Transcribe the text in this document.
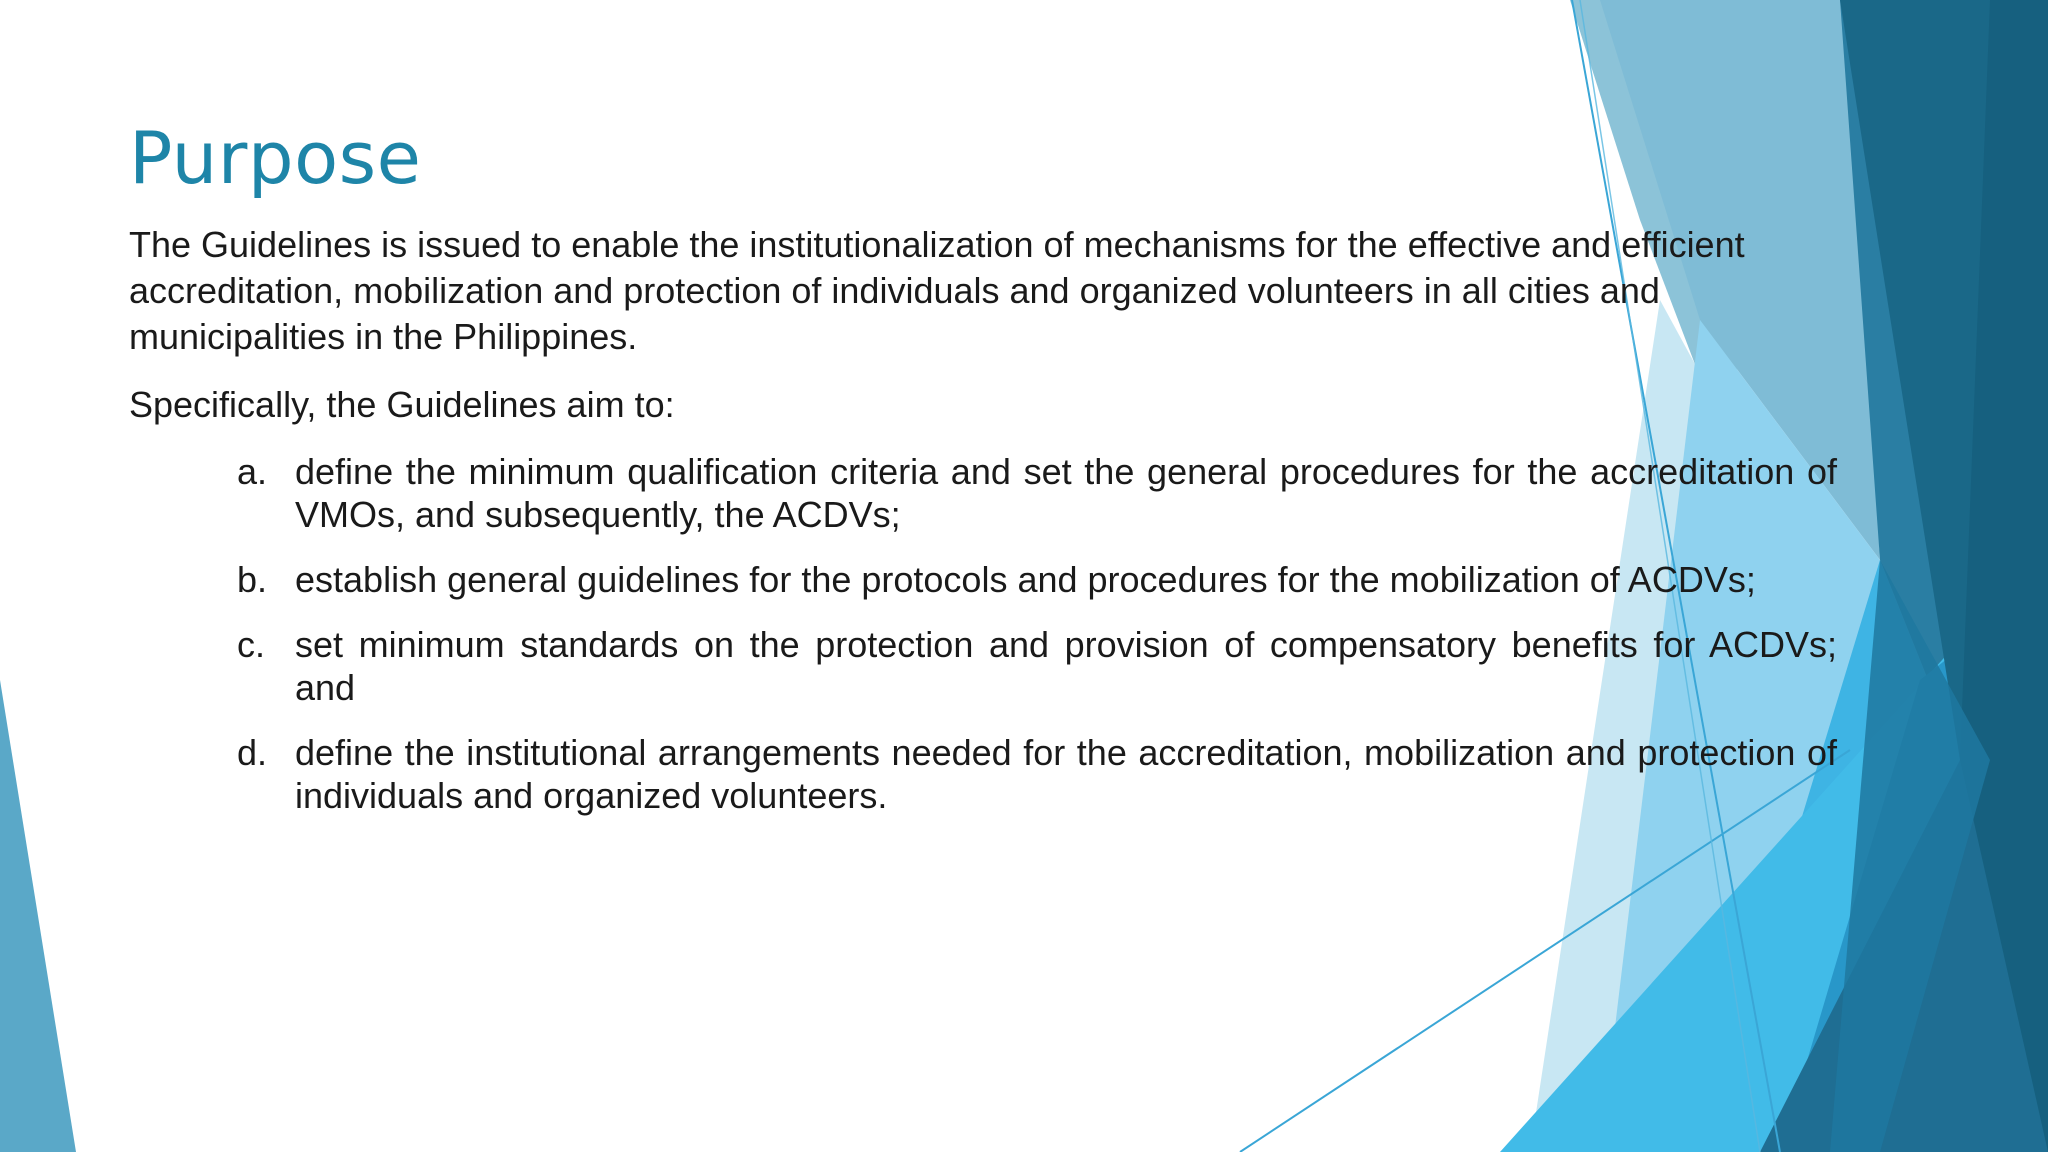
Purpose

The Guidelines is issued to enable the institutionalization of mechanisms for the effective and efficient accreditation, mobilization and protection of individuals and organized volunteers in all cities and municipalities in the Philippines.

Specifically, the Guidelines aim to:

a. define the minimum qualification criteria and set the general procedures for the accreditation of VMOs, and subsequently, the ACDVs;
b. establish general guidelines for the protocols and procedures for the mobilization of ACDVs;
c. set minimum standards on the protection and provision of compensatory benefits for ACDVs; and
d. define the institutional arrangements needed for the accreditation, mobilization and protection of individuals and organized volunteers.
